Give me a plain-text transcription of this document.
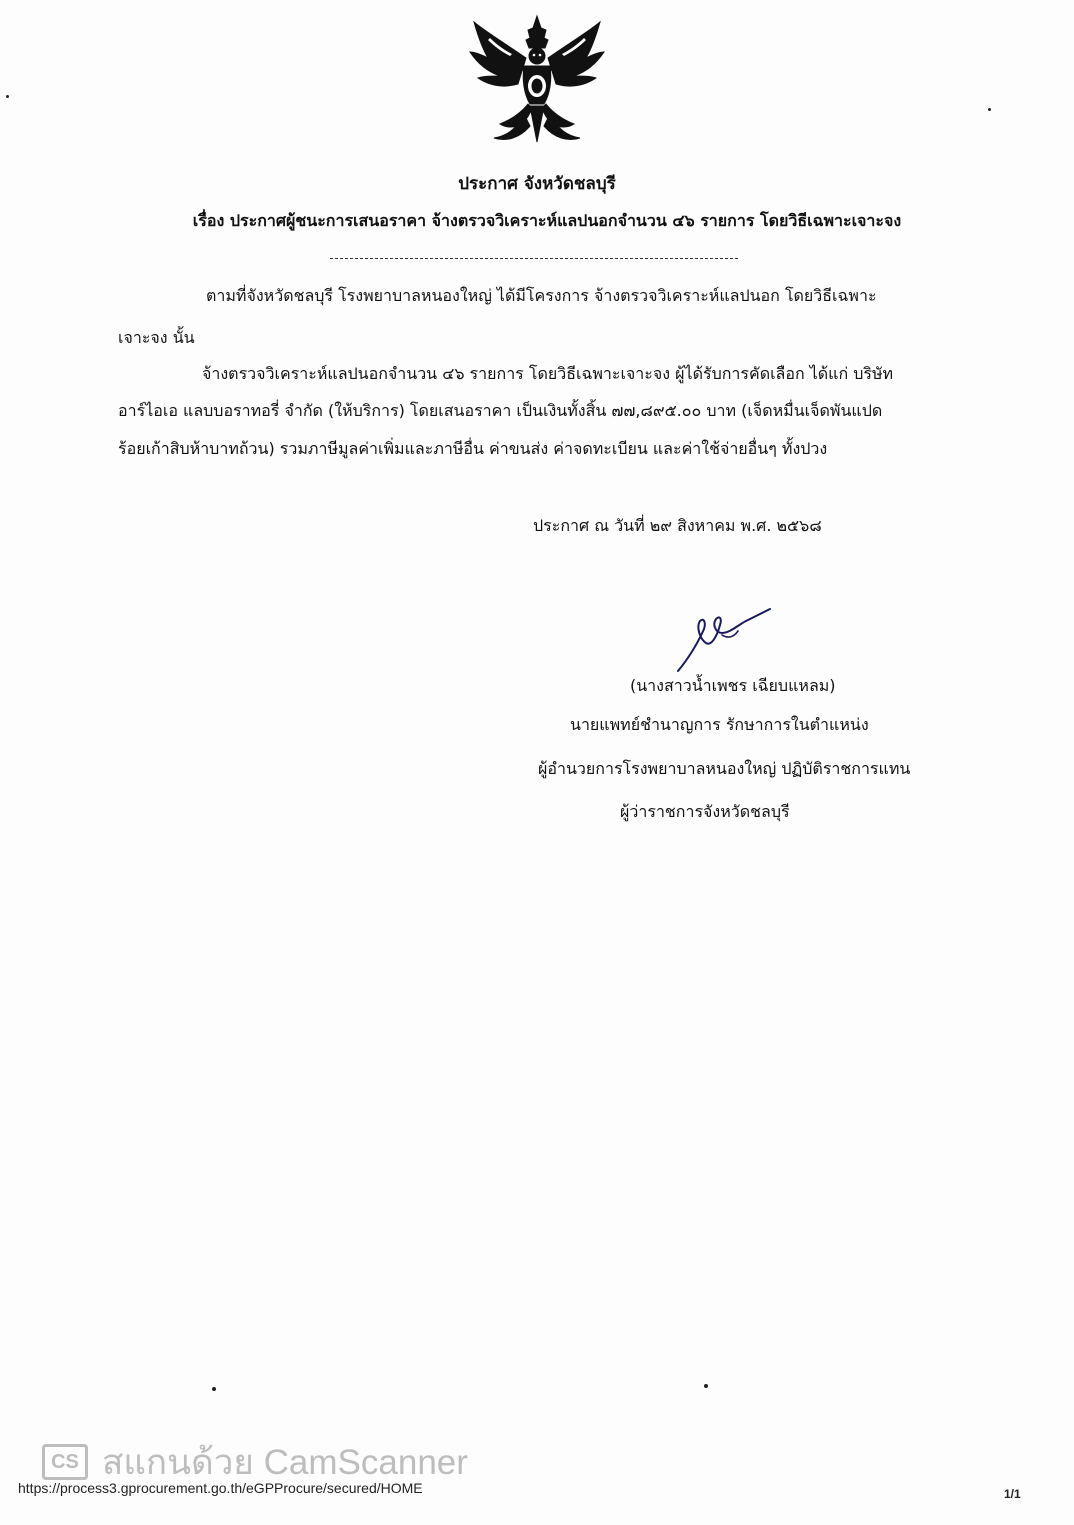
ประกาศ จังหวัดชลบุรี
เรื่อง ประกาศผู้ชนะการเสนอราคา จ้างตรวจวิเคราะห์แลปนอกจำนวน ๔๖ รายการ โดยวิธีเฉพาะเจาะจง
ตามที่จังหวัดชลบุรี โรงพยาบาลหนองใหญ่ ได้มีโครงการ จ้างตรวจวิเคราะห์แลปนอก โดยวิธีเฉพาะ
เจาะจง นั้น
จ้างตรวจวิเคราะห์แลปนอกจำนวน ๔๖ รายการ โดยวิธีเฉพาะเจาะจง ผู้ได้รับการคัดเลือก ได้แก่ บริษัท
อาร์ไอเอ แลบบอราทอรี่ จำกัด (ให้บริการ) โดยเสนอราคา เป็นเงินทั้งสิ้น ๗๗,๘๙๕.๐๐ บาท (เจ็ดหมื่นเจ็ดพันแปด
ร้อยเก้าสิบห้าบาทถ้วน) รวมภาษีมูลค่าเพิ่มและภาษีอื่น ค่าขนส่ง ค่าจดทะเบียน และค่าใช้จ่ายอื่นๆ ทั้งปวง
ประกาศ ณ วันที่ ๒๙ สิงหาคม พ.ศ. ๒๕๖๘
(นางสาวน้ำเพชร เฉียบแหลม)
นายแพทย์ชำนาญการ รักษาการในตำแหน่ง
ผู้อำนวยการโรงพยาบาลหนองใหญ่ ปฏิบัติราชการแทน
ผู้ว่าราชการจังหวัดชลบุรี
CS สแกนด้วย CamScanner
https://process3.gprocurement.go.th/eGPProcure/secured/HOME	1/1
